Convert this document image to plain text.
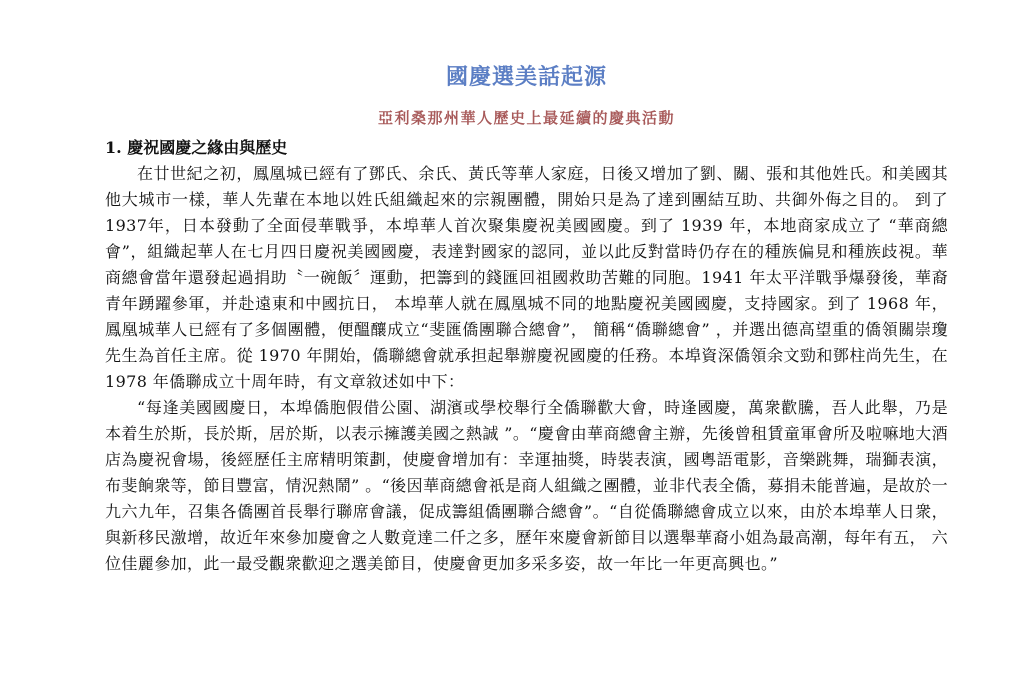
國慶選美話起源
亞利桑那州華人歷史上最延續的慶典活動
1. 慶祝國慶之緣由與歷史

在廿世紀之初，鳳凰城已經有了鄧氏、余氏、黃氏等華人家庭，日後又增加了劉、關、張和其他姓氏。和美國其他大城市一樣，華人先輩在本地以姓氏組織起來的宗親團體，開始只是為了達到團結互助、共御外侮之目的。 到了1937年，日本發動了全面侵華戰爭，本埠華人首次聚集慶祝美國國慶。到了 1939 年，本地商家成立了 “華商總會”，組織起華人在七月四日慶祝美國國慶，表達對國家的認同，並以此反對當時仍存在的種族偏見和種族歧視。華商總會當年還發起過捐助〝一碗飯〞運動，把籌到的錢匯回祖國救助苦難的同胞。1941 年太平洋戰爭爆發後，華裔青年踴躍參軍，并赴遠東和中國抗日， 本埠華人就在鳳凰城不同的地點慶祝美國國慶，支持國家。到了 1968 年，鳳凰城華人已經有了多個團體，便醞釀成立“斐匯僑團聯合總會”， 簡稱“僑聯總會” ，并選出德高望重的僑領關崇瓊先生為首任主席。從 1970 年開始，僑聯總會就承担起舉辦慶祝國慶的任務。本埠資深僑領余文勁和鄧柱尚先生，在 1978 年僑聯成立十周年時，有文章敘述如中下：

“每逢美國國慶日，本埠僑胞假借公園、湖濱或學校舉行全僑聯歡大會，時逢國慶，萬衆歡騰，吾人此舉，乃是本着生於斯，長於斯，居於斯，以表示擁護美國之熱誠 ”。“慶會由華商總會主辦，先後曾租賃童軍會所及啦嘛地大酒店為慶祝會場，後經歷任主席精明策劃，使慶會增加有：幸運抽獎，時裝表演，國粵語電影，音樂跳舞，瑞獅表演，布斐餉衆等，節目豐富，情況熱鬧” 。“後因華商總會祇是商人組織之團體，並非代表全僑，募捐未能普遍，是故於一九六九年，召集各僑團首長舉行聯席會議，促成籌組僑團聯合總會”。“自從僑聯總會成立以來，由於本埠華人日衆，與新移民激增，故近年來參加慶會之人數竟達二仟之多，歷年來慶會新節目以選舉華裔小姐為最高潮，每年有五， 六位佳麗參加，此一最受觀衆歡迎之選美節目，使慶會更加多采多姿，故一年比一年更高興也。”
